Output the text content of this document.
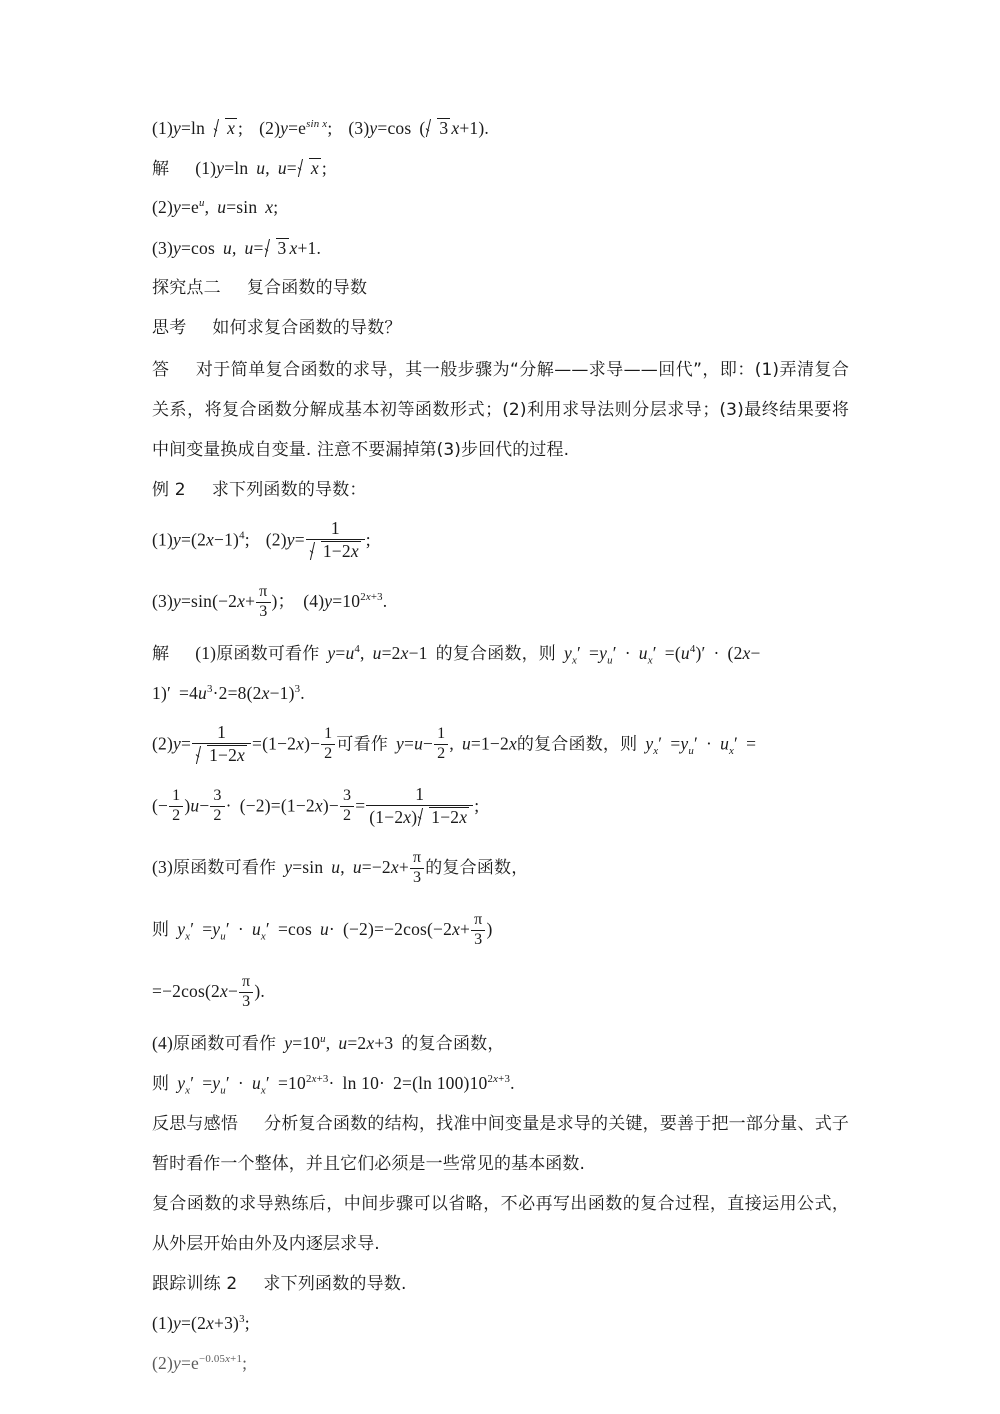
(1)y=ln x ; $(2)y=e^{sin x}$; (3)y=cos ( 3 x+1).
解 (1)y=ln u, u= x ;
$(2)y=e^u$, u=sin x;
(3)y=cos u, u= 3 x+1.
探究点二 复合函数的导数
思考 如何求复合函数的导数？
答 对于简单复合函数的求导，其一般步骤为“分解——求导——回代”，即：(1)弄清复合关系，将复合函数分解成基本初等函数形式；(2)利用求导法则分层求导；(3)最终结果要将中间变量换成自变量. 注意不要漏掉第(3)步回代的过程.
例 2 求下列函数的导数：
$(1)y=(2x-1)^4$; $(2)y= \frac{1}{1-2x}$ ;
$(3)y=\sin(-2x+ \frac{\pi}{3}$ )； $(4)y=10^{2x+3}$.
解 (1)原函数可看作 $y=u^4$, u=2x−1 的复合函数，则 $y_x' =y_u' \cdot u_x' =(u^4)' \cdot (2x-$
$1)' =4u^3\cdot 2=8(2x-1)^3$.
$(2)y= \frac{1}{1-2x} =(1-2x)- \frac{1}{2}$ 可看作 $y=u- \frac{1}{2}$ , u=1−2x的复合函数，则 $y_x' =y_u' \cdot u_x'$ =
(− $\frac{1}{2} )u- \frac{3}{2} \cdot (-2)=(1-2x)- \frac{3}{2} = \frac{1}{(1-2x) 1-2x}$ ;
(3)原函数可看作 y=sin u, $u=-2x+ \frac{\pi}{3}$ 的复合函数，
则 $y_x' =y_u' \cdot u_x' =\cos$ $u\cdot (-2)=-2\cos(-2x+ \frac{\pi}{3}$ )
$=-2\cos(2x- \frac{\pi}{3}$ ).
(4)原函数可看作 $y=10^u$, u=2x+3 的复合函数，
则 $y_x' =y_u' \cdot u_x' =10^{2x+3}\cdot \ln 10\cdot 2=(\ln$ $100)10^{2x+3}$.
反思与感悟 分析复合函数的结构，找准中间变量是求导的关键，要善于把一部分量、式子暂时看作一个整体，并且它们必须是一些常见的基本函数.
复合函数的求导熟练后，中间步骤可以省略，不必再写出函数的复合过程，直接运用公式，从外层开始由外及内逐层求导.
跟踪训练 2 求下列函数的导数.
$(1)y=(2x+3)^3$;
$(2)y=e^{-0.05x+1}$;
